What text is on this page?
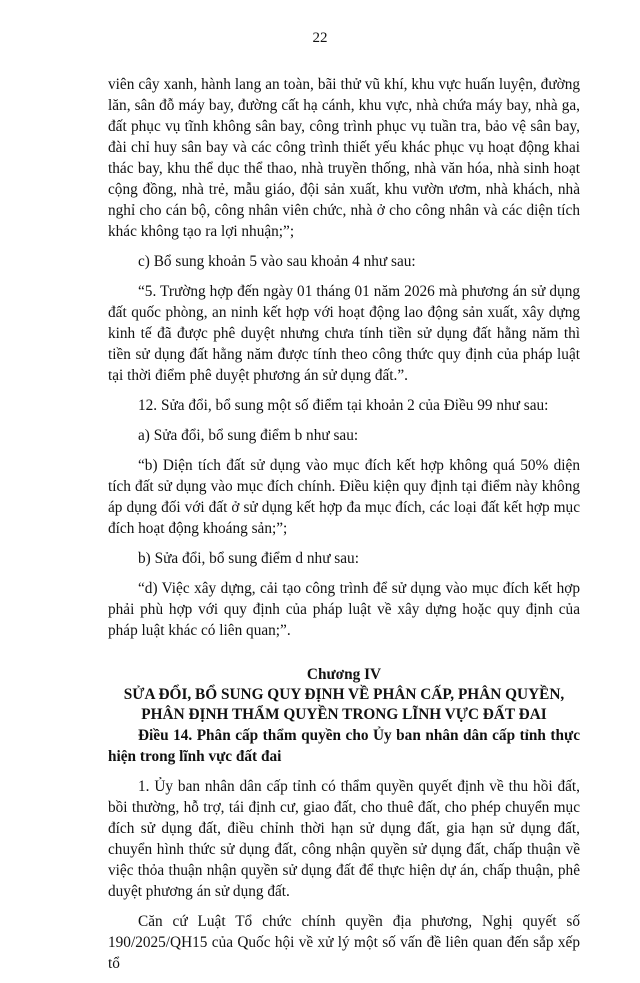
22

viên cây xanh, hành lang an toàn, bãi thử vũ khí, khu vực huấn luyện, đường lăn, sân đỗ máy bay, đường cất hạ cánh, khu vực, nhà chứa máy bay, nhà ga, đất phục vụ tĩnh không sân bay, công trình phục vụ tuần tra, bảo vệ sân bay, đài chỉ huy sân bay và các công trình thiết yếu khác phục vụ hoạt động khai thác bay, khu thể dục thể thao, nhà truyền thống, nhà văn hóa, nhà sinh hoạt cộng đồng, nhà trẻ, mẫu giáo, đội sản xuất, khu vườn ươm, nhà khách, nhà nghỉ cho cán bộ, công nhân viên chức, nhà ở cho công nhân và các diện tích khác không tạo ra lợi nhuận;”;

c) Bổ sung khoản 5 vào sau khoản 4 như sau:

“5. Trường hợp đến ngày 01 tháng 01 năm 2026 mà phương án sử dụng đất quốc phòng, an ninh kết hợp với hoạt động lao động sản xuất, xây dựng kinh tế đã được phê duyệt nhưng chưa tính tiền sử dụng đất hằng năm thì tiền sử dụng đất hằng năm được tính theo công thức quy định của pháp luật tại thời điểm phê duyệt phương án sử dụng đất.”.

12. Sửa đổi, bổ sung một số điểm tại khoản 2 của Điều 99 như sau:

a) Sửa đổi, bổ sung điểm b như sau:

“b) Diện tích đất sử dụng vào mục đích kết hợp không quá 50% diện tích đất sử dụng vào mục đích chính. Điều kiện quy định tại điểm này không áp dụng đối với đất ở sử dụng kết hợp đa mục đích, các loại đất kết hợp mục đích hoạt động khoáng sản;”;

b) Sửa đổi, bổ sung điểm d như sau:

“d) Việc xây dựng, cải tạo công trình để sử dụng vào mục đích kết hợp phải phù hợp với quy định của pháp luật về xây dựng hoặc quy định của pháp luật khác có liên quan;”.

Chương IV
SỬA ĐỔI, BỔ SUNG QUY ĐỊNH VỀ PHÂN CẤP, PHÂN QUYỀN,
PHÂN ĐỊNH THẨM QUYỀN TRONG LĨNH VỰC ĐẤT ĐAI

Điều 14. Phân cấp thẩm quyền cho Ủy ban nhân dân cấp tỉnh thực hiện trong lĩnh vực đất đai

1. Ủy ban nhân dân cấp tỉnh có thẩm quyền quyết định về thu hồi đất, bồi thường, hỗ trợ, tái định cư, giao đất, cho thuê đất, cho phép chuyển mục đích sử dụng đất, điều chỉnh thời hạn sử dụng đất, gia hạn sử dụng đất, chuyển hình thức sử dụng đất, công nhận quyền sử dụng đất, chấp thuận về việc thỏa thuận nhận quyền sử dụng đất để thực hiện dự án, chấp thuận, phê duyệt phương án sử dụng đất.

Căn cứ Luật Tổ chức chính quyền địa phương, Nghị quyết số 190/2025/QH15 của Quốc hội về xử lý một số vấn đề liên quan đến sắp xếp tổ
